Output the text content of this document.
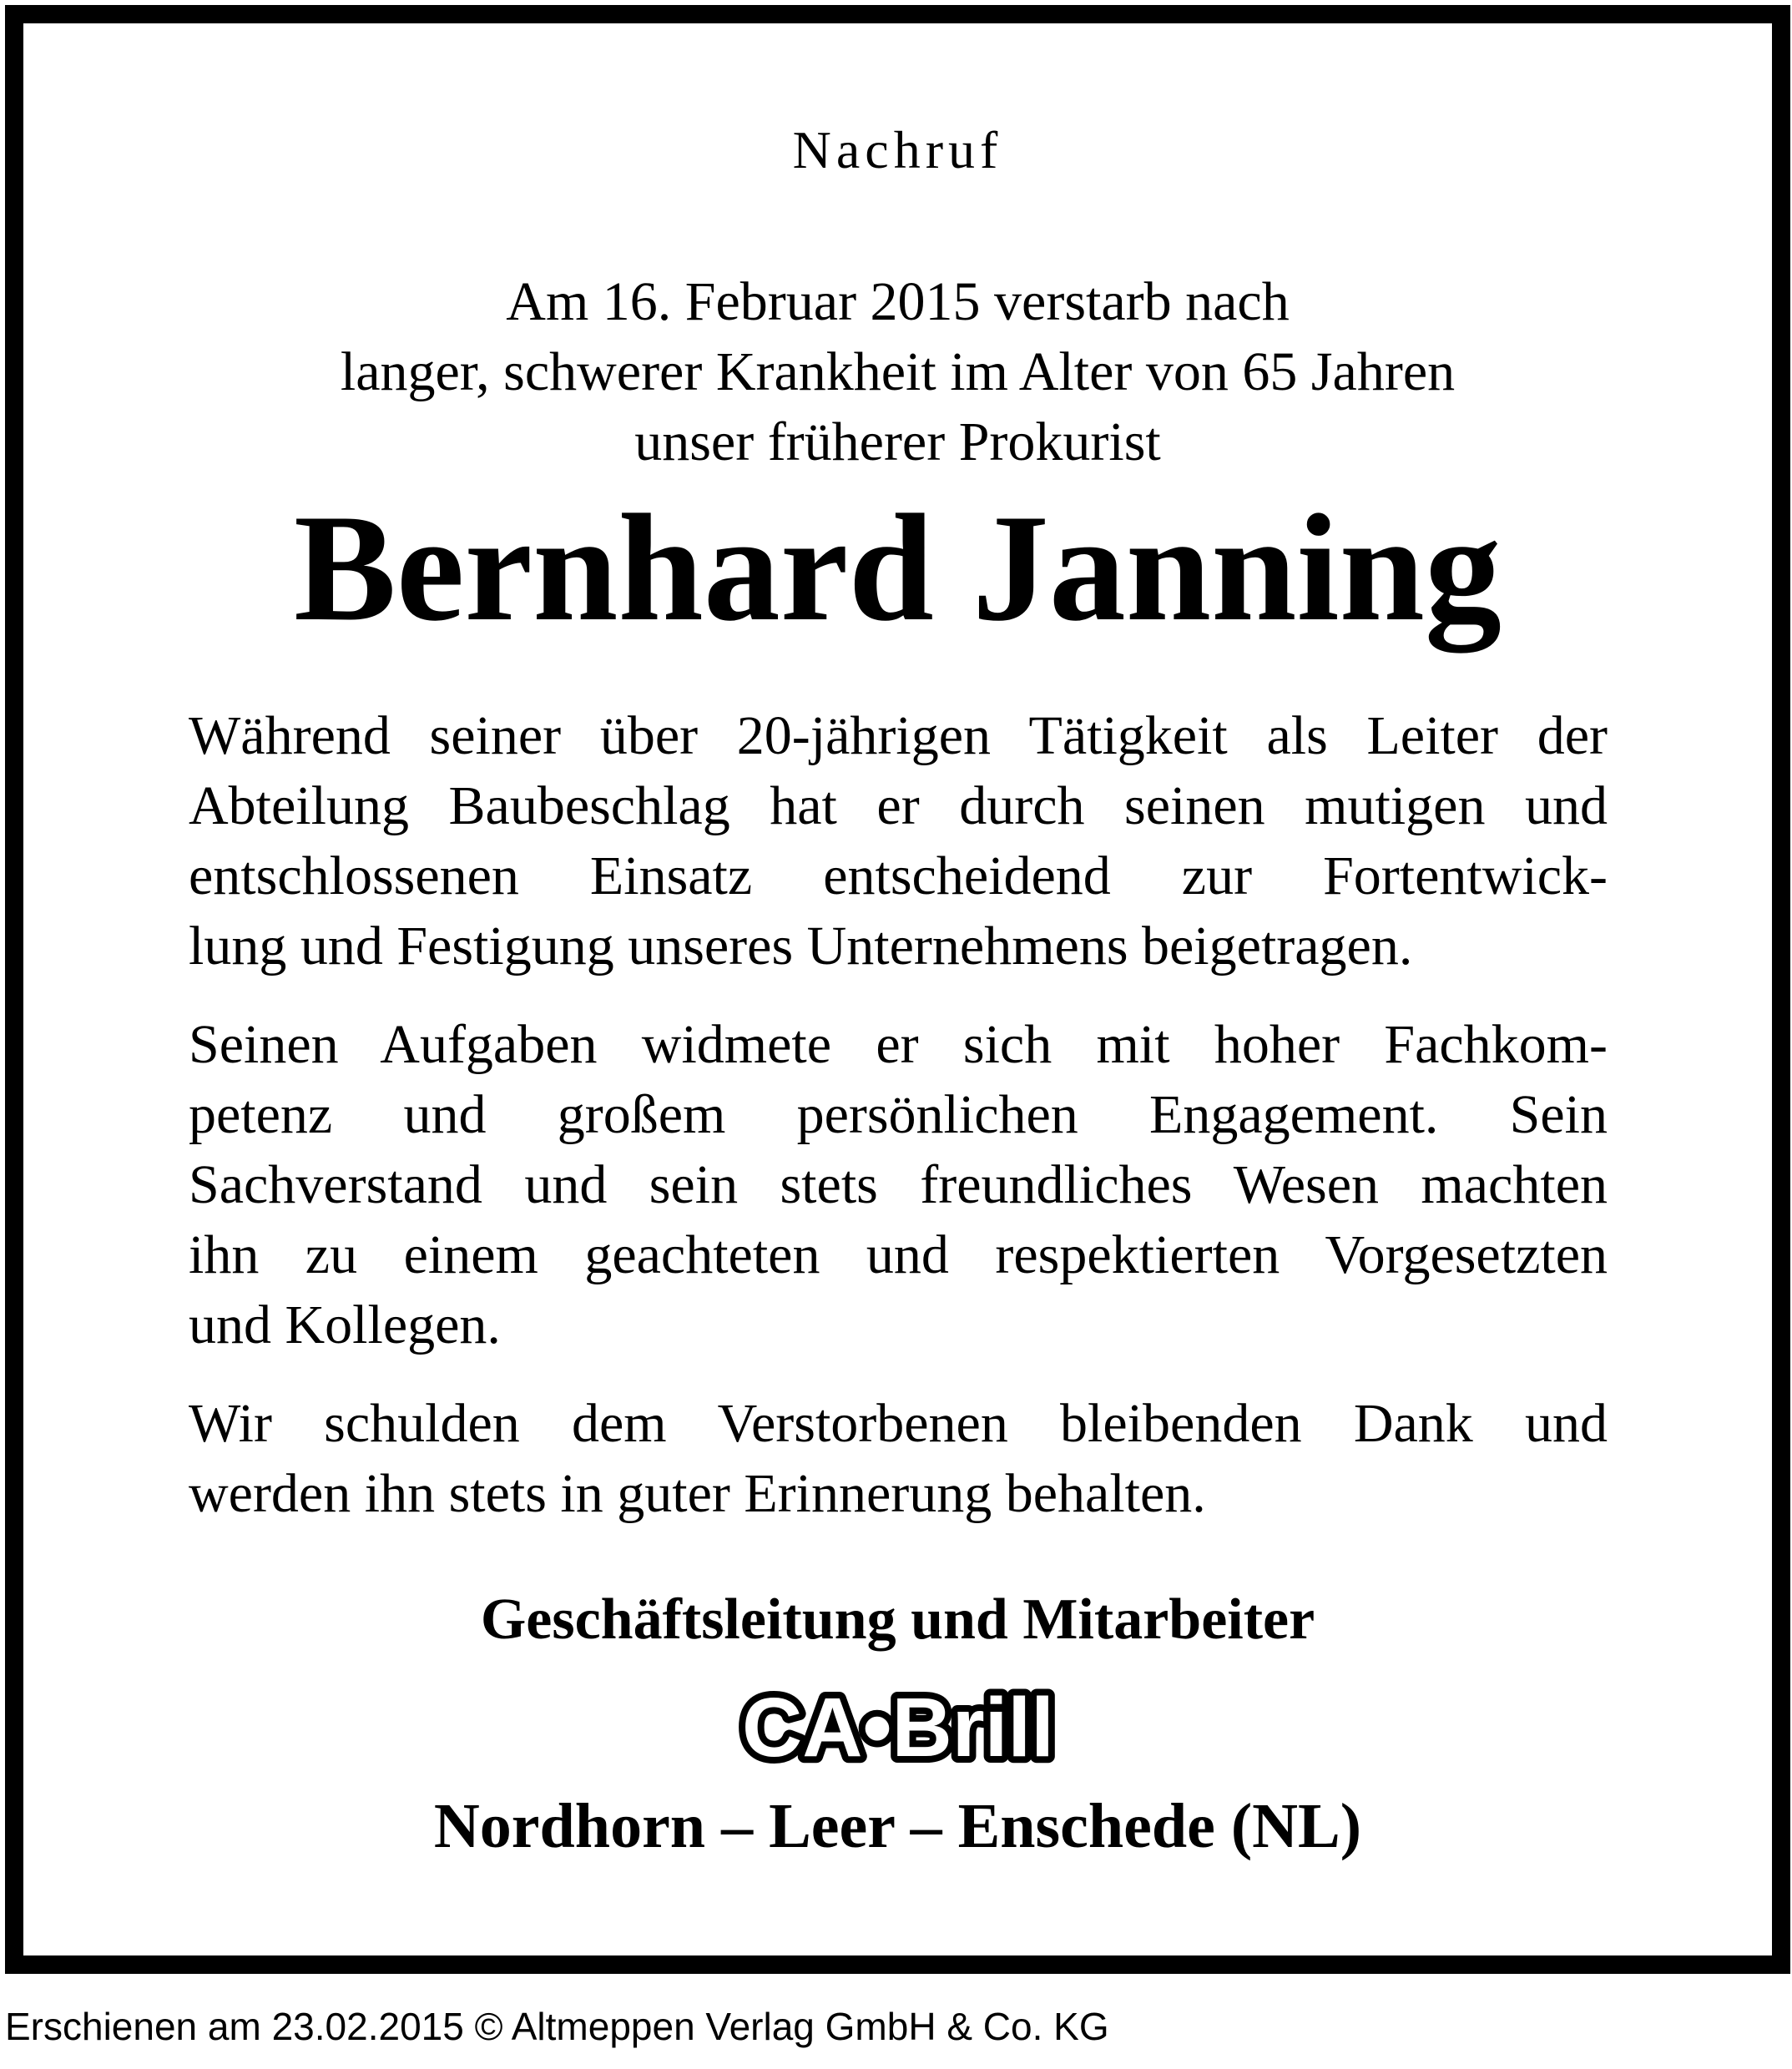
Nachruf
Am 16. Februar 2015 verstarb nach
langer, schwerer Krankheit im Alter von 65 Jahren
unser früherer Prokurist
Bernhard Janning
Während seiner über 20-jährigen Tätigkeit als Leiter der
Abteilung Baubeschlag hat er durch seinen mutigen und
entschlossenen Einsatz entscheidend zur Fortentwick-
lung und Festigung unseres Unternehmens beigetragen.
Seinen Aufgaben widmete er sich mit hoher Fachkom-
petenz und großem persönlichen Engagement. Sein
Sachverstand und sein stets freundliches Wesen machten
ihn zu einem geachteten und respektierten Vorgesetzten
und Kollegen.
Wir schulden dem Verstorbenen bleibenden Dank und
werden ihn stets in guter Erinnerung behalten.
Geschäftsleitung und Mitarbeiter
CA•Brill
Nordhorn – Leer – Enschede (NL)
Erschienen am 23.02.2015 © Altmeppen Verlag GmbH & Co. KG
